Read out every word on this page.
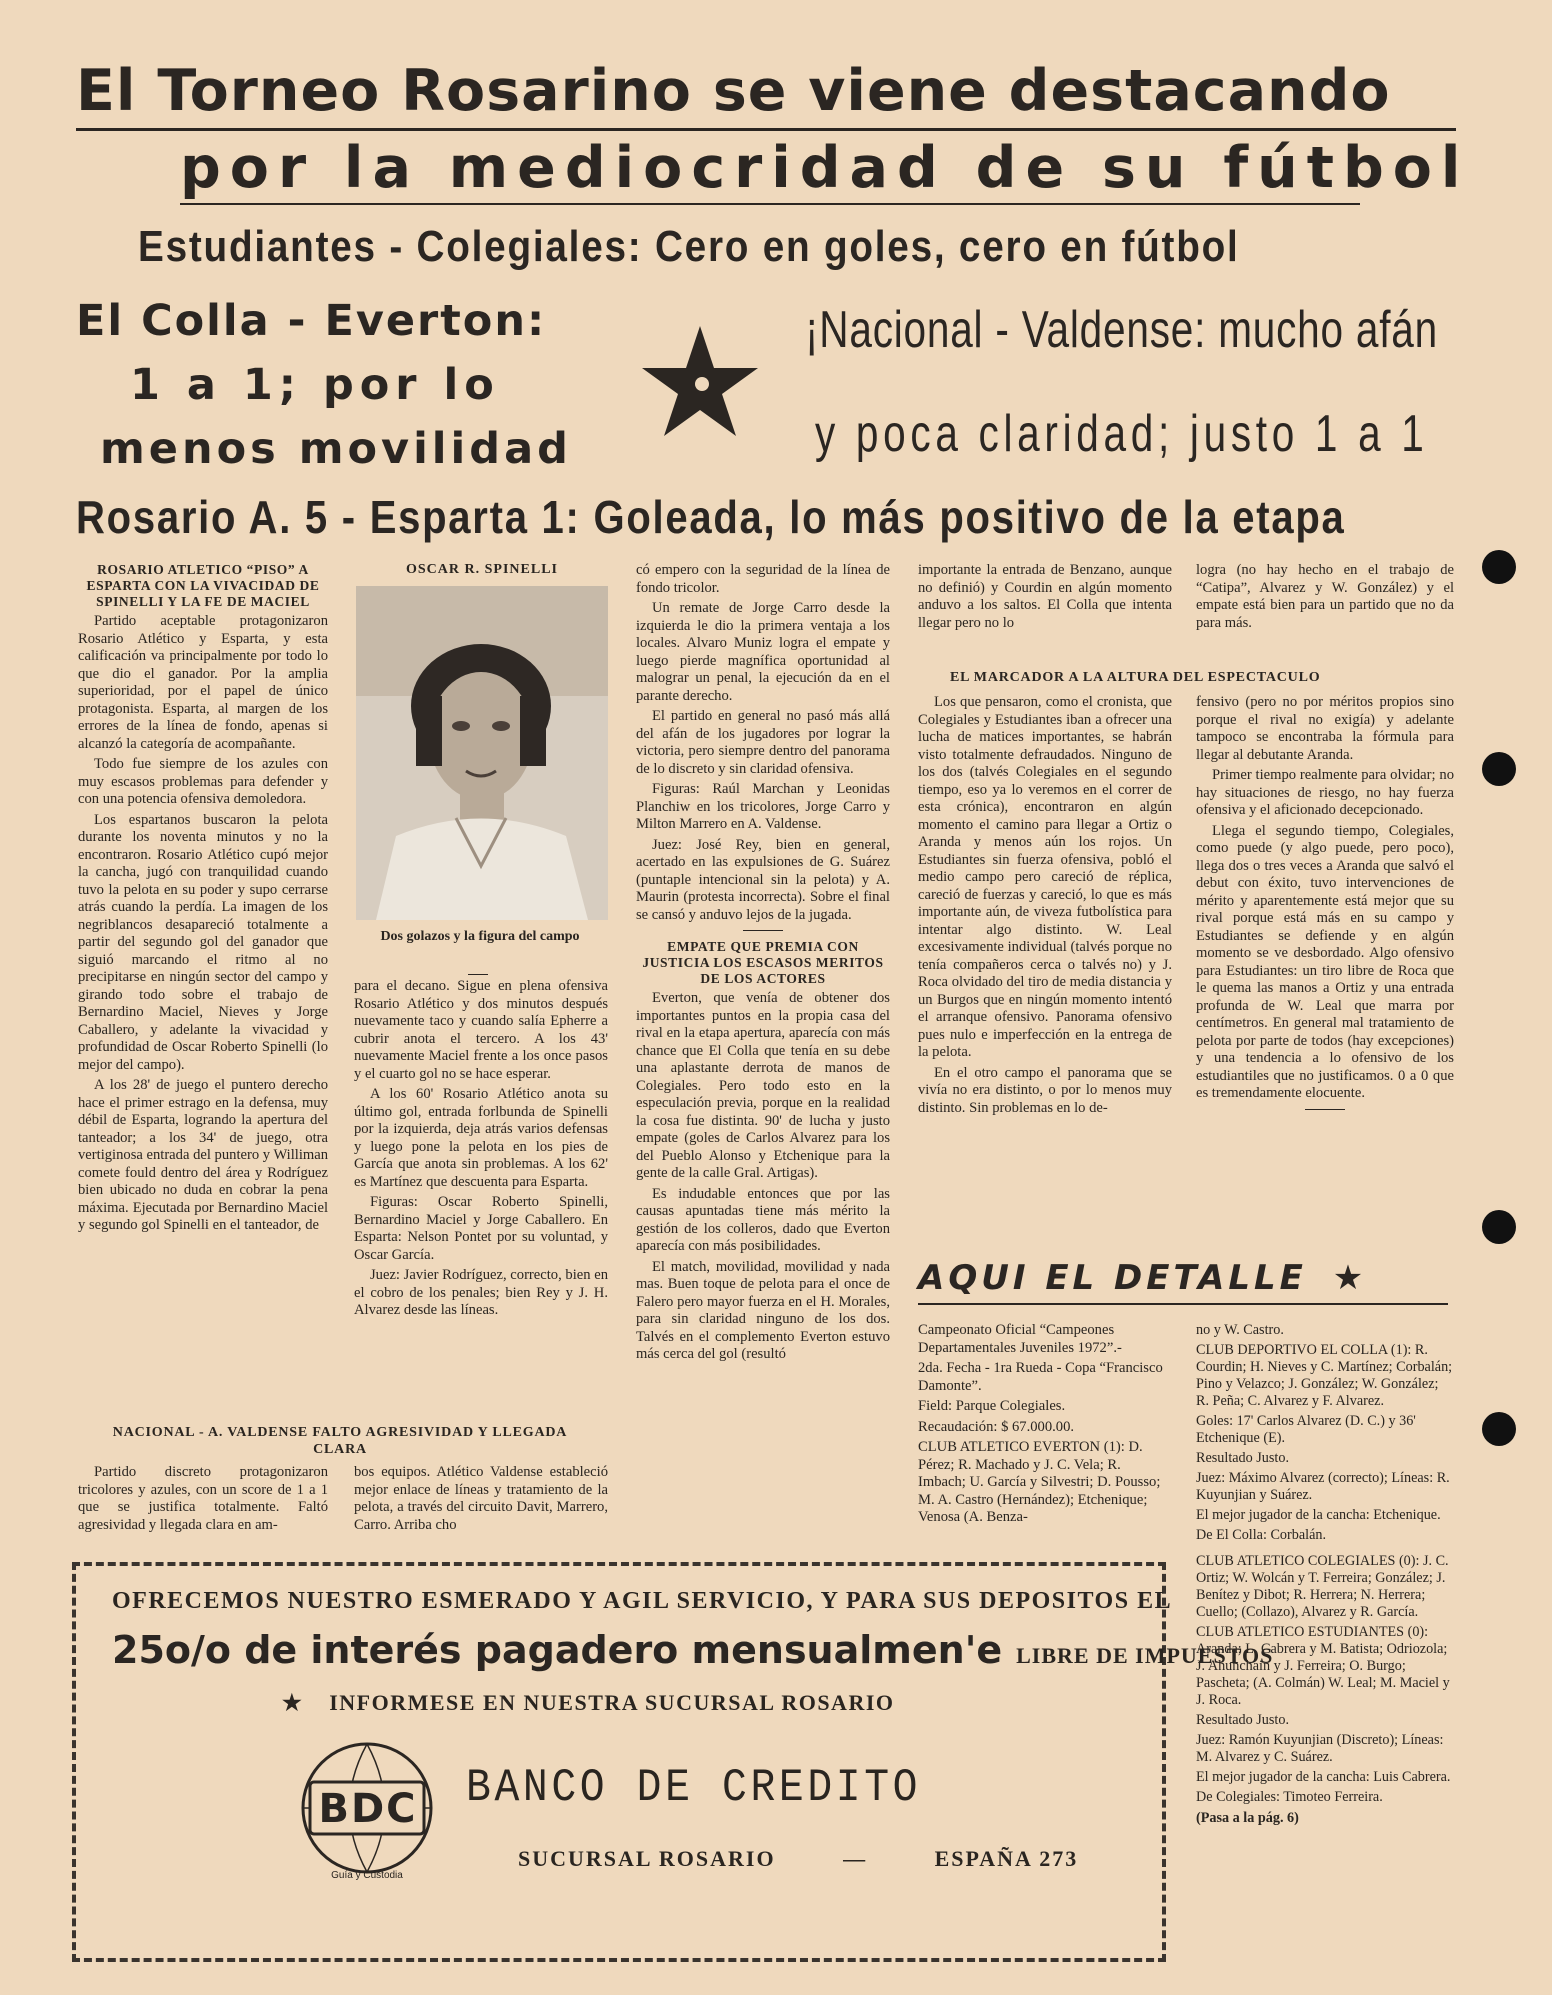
El Torneo Rosarino se viene destacando
por la mediocridad de su fútbol
Estudiantes - Colegiales: Cero en goles, cero en fútbol
El Colla - Everton:
1 a 1; por lo
menos movilidad
¡Nacional - Valdense: mucho afán
y poca claridad; justo 1 a 1
Rosario A. 5 - Esparta 1: Goleada, lo más positivo de la etapa

ROSARIO ATLETICO “PISO” A ESPARTA CON LA VIVACIDAD DE SPINELLI Y LA FE DE MACIEL

Partido aceptable protagonizaron Rosario Atlético y Esparta, y esta calificación va principalmente por todo lo que dio el ganador. Por la amplia superioridad, por el papel de único protagonista. Esparta, al margen de los errores de la línea de fondo, apenas si alcanzó la categoría de acompañante.

Todo fue siempre de los azules con muy escasos problemas para defender y con una potencia ofensiva demoledora.

Los espartanos buscaron la pelota durante los noventa minutos y no la encontraron. Rosario Atlético cupó mejor la cancha, jugó con tranquilidad cuando tuvo la pelota en su poder y supo cerrarse atrás cuando la perdía. La imagen de los negriblancos desapareció totalmente a partir del segundo gol del ganador que siguió marcando el ritmo al no precipitarse en ningún sector del campo y girando todo sobre el trabajo de Bernardino Maciel, Nieves y Jorge Caballero, y adelante la vivacidad y profundidad de Oscar Roberto Spinelli (lo mejor del campo).

A los 28' de juego el puntero derecho hace el primer estrago en la defensa, muy débil de Esparta, logrando la apertura del tanteador; a los 34' de juego, otra vertiginosa entrada del puntero y Williman comete fould dentro del área y Rodríguez bien ubicado no duda en cobrar la pena máxima. Ejecutada por Bernardino Maciel y segundo gol Spinelli en el tanteador, de

OSCAR R. SPINELLI
Dos golazos y la figura del campo

para el decano. Sigue en plena ofensiva Rosario Atlético y dos minutos después nuevamente taco y cuando salía Epherre a cubrir anota el tercero. A los 43' nuevamente Maciel frente a los once pasos y el cuarto gol no se hace esperar.

A los 60' Rosario Atlético anota su último gol, entrada forlbunda de Spinelli por la izquierda, deja atrás varios defensas y luego pone la pelota en los pies de García que anota sin problemas. A los 62' es Martínez que descuenta para Esparta.

Figuras: Oscar Roberto Spinelli, Bernardino Maciel y Jorge Caballero. En Esparta: Nelson Pontet por su voluntad, y Oscar García.

Juez: Javier Rodríguez, correcto, bien en el cobro de los penales; bien Rey y J. H. Alvarez desde las líneas.

có empero con la seguridad de la línea de fondo tricolor.

Un remate de Jorge Carro desde la izquierda le dio la primera ventaja a los locales. Alvaro Muniz logra el empate y luego pierde magnífica oportunidad al malograr un penal, la ejecución da en el parante derecho.

El partido en general no pasó más allá del afán de los jugadores por lograr la victoria, pero siempre dentro del panorama de lo discreto y sin claridad ofensiva.

Figuras: Raúl Marchan y Leonidas Planchiw en los tricolores, Jorge Carro y Milton Marrero en A. Valdense.

Juez: José Rey, bien en general, acertado en las expulsiones de G. Suárez (puntaple intencional sin la pelota) y A. Maurin (protesta incorrecta). Sobre el final se cansó y anduvo lejos de la jugada.

EMPATE QUE PREMIA CON JUSTICIA LOS ESCASOS MERITOS DE LOS ACTORES

Everton, que venía de obtener dos importantes puntos en la propia casa del rival en la etapa apertura, aparecía con más chance que El Colla que tenía en su debe una aplastante derrota de manos de Colegiales. Pero todo esto en la especulación previa, porque en la realidad la cosa fue distinta. 90' de lucha y justo empate (goles de Carlos Alvarez para los del Pueblo Alonso y Etchenique para la gente de la calle Gral. Artigas).

Es indudable entonces que por las causas apuntadas tiene más mérito la gestión de los colleros, dado que Everton aparecía con más posibilidades.

El match, movilidad, movilidad y nada mas. Buen toque de pelota para el once de Falero pero mayor fuerza en el H. Morales, para sin claridad ninguno de los dos. Talvés en el complemento Everton estuvo más cerca del gol (resultó

importante la entrada de Benzano, aunque no definió) y Courdin en algún momento anduvo a los saltos. El Colla que intenta llegar pero no lo

logra (no hay hecho en el trabajo de “Catipa”, Alvarez y W. González) y el empate está bien para un partido que no da para más.

EL MARCADOR A LA ALTURA DEL ESPECTACULO

Los que pensaron, como el cronista, que Colegiales y Estudiantes iban a ofrecer una lucha de matices importantes, se habrán visto totalmente defraudados. Ninguno de los dos (talvés Colegiales en el segundo tiempo, eso ya lo veremos en el correr de esta crónica), encontraron en algún momento el camino para llegar a Ortiz o Aranda y menos aún los rojos. Un Estudiantes sin fuerza ofensiva, pobló el medio campo pero careció de réplica, careció de fuerzas y careció, lo que es más importante aún, de viveza futbolística para intentar algo distinto. W. Leal excesivamente individual (talvés porque no tenía compañeros cerca o talvés no) y J. Roca olvidado del tiro de media distancia y un Burgos que en ningún momento intentó el arranque ofensivo. Panorama ofensivo pues nulo e imperfección en la entrega de la pelota.

En el otro campo el panorama que se vivía no era distinto, o por lo menos muy distinto. Sin problemas en lo de-

fensivo (pero no por méritos propios sino porque el rival no exigía) y adelante tampoco se encontraba la fórmula para llegar al debutante Aranda.

Primer tiempo realmente para olvidar; no hay situaciones de riesgo, no hay fuerza ofensiva y el aficionado decepcionado.

Llega el segundo tiempo, Colegiales, como puede (y algo puede, pero poco), llega dos o tres veces a Aranda que salvó el debut con éxito, tuvo intervenciones de mérito y aparentemente está mejor que su rival porque está más en su campo y Estudiantes se defiende y en algún momento se ve desbordado. Algo ofensivo para Estudiantes: un tiro libre de Roca que le quema las manos a Ortiz y una entrada profunda de W. Leal que marra por centímetros. En general mal tratamiento de pelota por parte de todos (hay excepciones) y una tendencia a lo ofensivo de los estudiantiles que no justificamos. 0 a 0 que es tremendamente elocuente.

NACIONAL - A. VALDENSE FALTO AGRESIVIDAD Y LLEGADA CLARA

Partido discreto protagonizaron tricolores y azules, con un score de 1 a 1 que se justifica totalmente. Faltó agresividad y llegada clara en am-

bos equipos. Atlético Valdense estableció mejor enlace de líneas y tratamiento de la pelota, a través del circuito Davit, Marrero, Carro. Arriba cho

AQUI EL DETALLE ★

Campeonato Oficial “Campeones Departamentales Juveniles 1972”.-

2da. Fecha - 1ra Rueda - Copa “Francisco Damonte”.

Field: Parque Colegiales.

Recaudación: $ 67.000.00.

CLUB ATLETICO EVERTON (1): D. Pérez; R. Machado y J. C. Vela; R. Imbach; U. García y Silvestri; D. Pousso; M. A. Castro (Hernández); Etchenique; Venosa (A. Benza-

no y W. Castro.

CLUB DEPORTIVO EL COLLA (1): R. Courdin; H. Nieves y C. Martínez; Corbalán; Pino y Velazco; J. González; W. González; R. Peña; C. Alvarez y F. Alvarez.

Goles: 17' Carlos Alvarez (D. C.) y 36' Etchenique (E).

Resultado Justo.

Juez: Máximo Alvarez (correcto); Líneas: R. Kuyunjian y Suárez.

El mejor jugador de la cancha: Etchenique.

De El Colla: Corbalán.

CLUB ATLETICO COLEGIALES (0): J. C. Ortiz; W. Wolcán y T. Ferreira; González; J. Benítez y Dibot; R. Herrera; N. Herrera; Cuello; (Collazo), Alvarez y R. García.

CLUB ATLETICO ESTUDIANTES (0): Aranda; L. Cabrera y M. Batista; Odriozola; J. Ahunchain y J. Ferreira; O. Burgo; Pascheta; (A. Colmán) W. Leal; M. Maciel y J. Roca.

Resultado Justo.

Juez: Ramón Kuyunjian (Discreto); Líneas: M. Alvarez y C. Suárez.

El mejor jugador de la cancha: Luis Cabrera.

De Colegiales: Timoteo Ferreira.

(Pasa a la pág. 6)

OFRECEMOS NUESTRO ESMERADO Y AGIL SERVICIO, Y PARA SUS DEPOSITOS EL
25o/o de interés pagadero mensualmen'e LIBRE DE IMPUESTOS
★ INFORMESE EN NUESTRA SUCURSAL ROSARIO
BDC
Guía y Custodia
BANCO DE CREDITO
SUCURSAL ROSARIO	—	ESPAÑA 273
